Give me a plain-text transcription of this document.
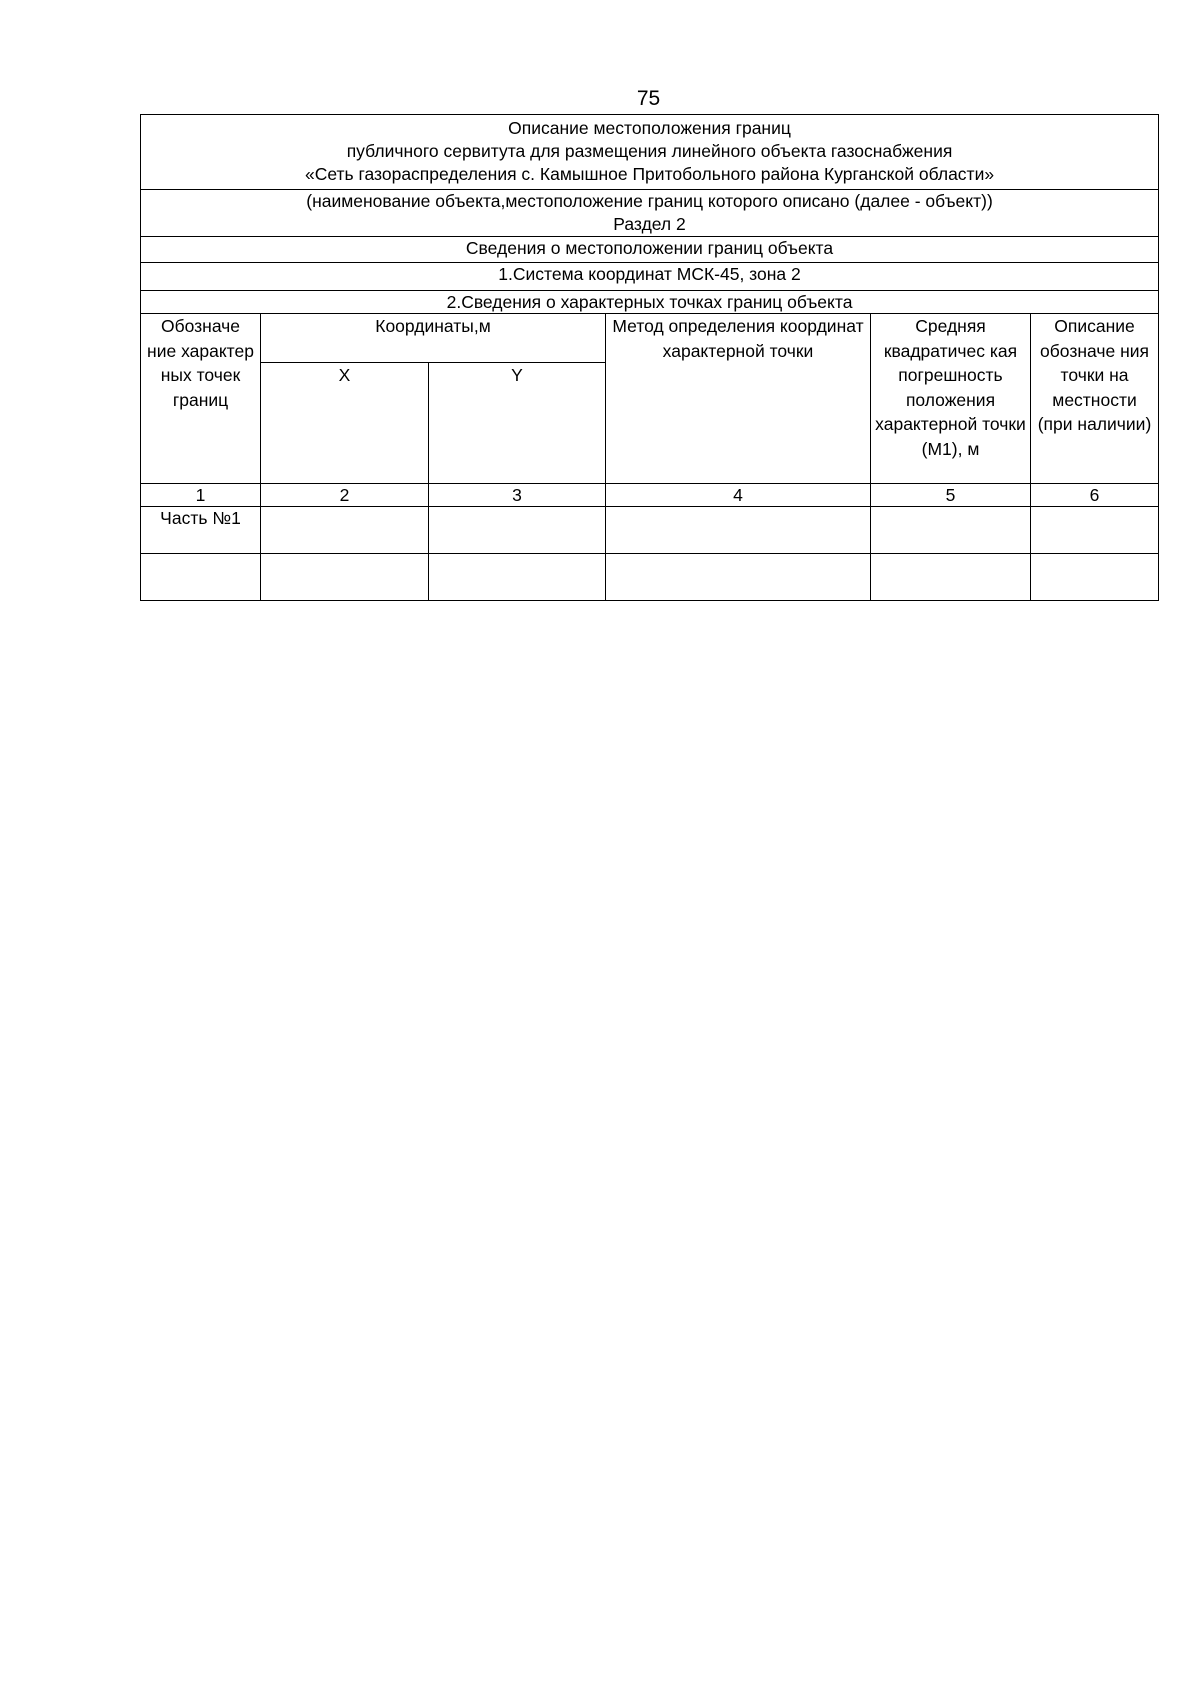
75
Описание местоположения границ
публичного сервитута для размещения линейного объекта газоснабжения
«Сеть газораспределения с. Камышное Притобольного района Курганской области»					

(наименование объекта,местоположение границ которого описано (далее - объект))
Раздел 2					

Сведения о местоположении границ объекта					
1.Система координат МСК-45, зона 2					
2.Сведения о характерных точках границ объекта					
Обозначе ние характер ных точек границ	Координаты,м		Метод определения координат характерной точки	Средняя квадратичес кая погрешность положения характерной точки (М1), м	Описание обозначе ния точки на местности (при наличии)
	X	Y			
1	2	3	4	5	6
Часть №1					
